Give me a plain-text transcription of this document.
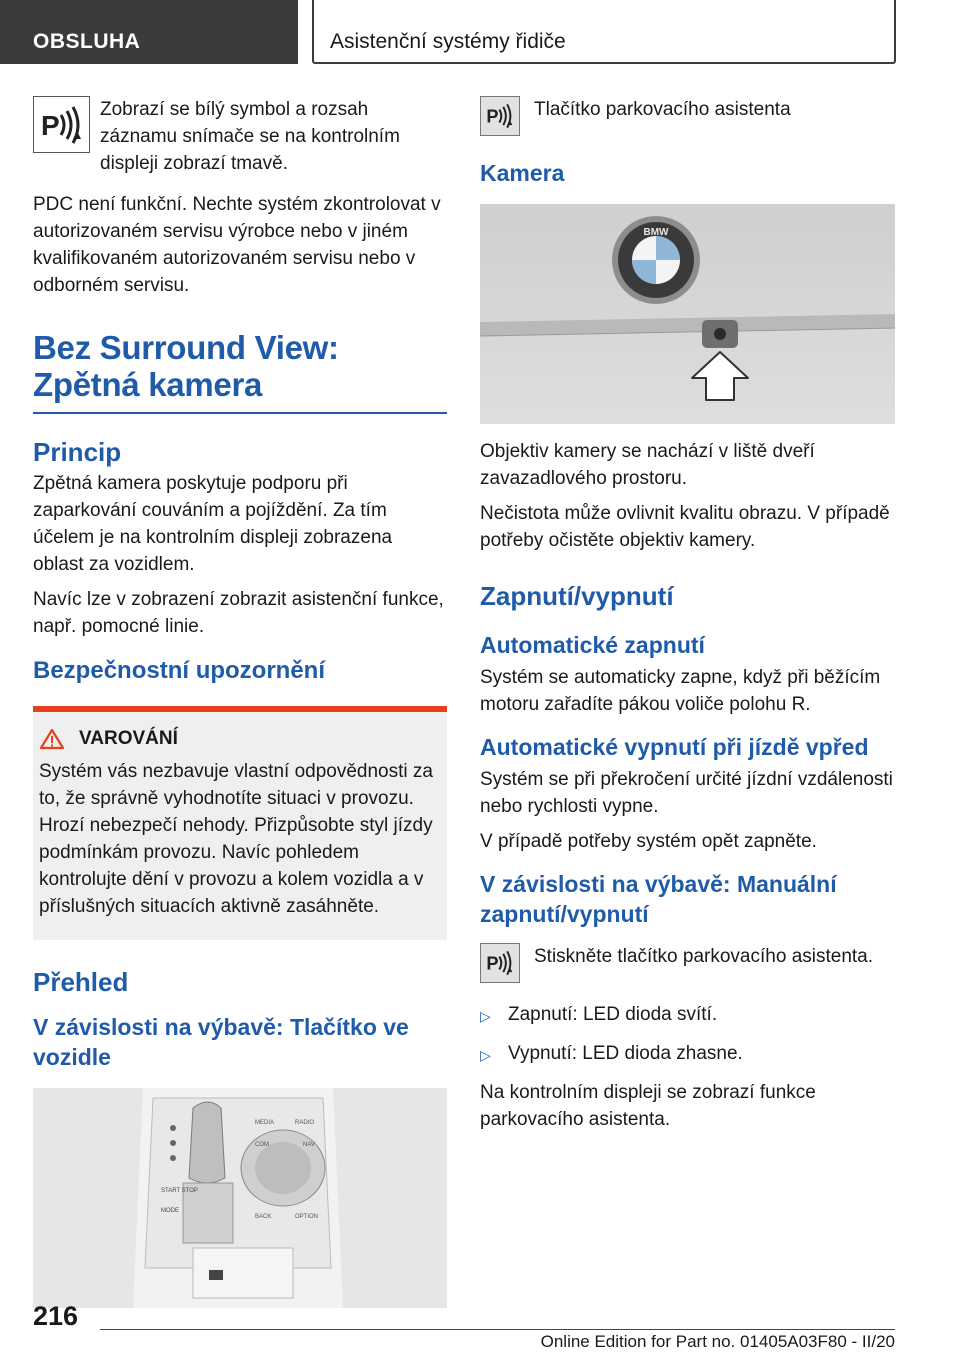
OBSLUHA	Asistenční systémy řidiče
P Zobrazí se bílý symbol a rozsah záznamu snímače se na kontrolním displeji zobrazí tmavě.

PDC není funkční. Nechte systém zkontrolovat v autorizovaném servisu výrobce nebo v jiném kvalifikovaném autorizovaném servisu nebo v odborném servisu.

Bez Surround View: Zpětná kamera
Princip

Zpětná kamera poskytuje podporu při zaparkování couváním a pojíždění. Za tím účelem je na kontrolním displeji zobrazena oblast za vozidlem.

Navíc lze v zobrazení zobrazit asistenční funkce, např. pomocné linie.

Bezpečnostní upozornění
VAROVÁNÍ

Systém vás nezbavuje vlastní odpovědnosti za to, že správně vyhodnotíte situaci v provozu. Hrozí nebezpečí nehody. Přizpůsobte styl jízdy podmínkám provozu. Navíc pohledem kontrolujte dění v provozu a kolem vozidla a v příslušných situacích aktivně zasáhněte.

Přehled
V závislosti na výbavě: Tlačítko ve vozidle
START STOP
MODE
MEDIA	RADIO
COM	NAV
BACK	OPTION
P Tlačítko parkovacího asistenta
Kamera
BMW

Objektiv kamery se nachází v liště dveří zavazadlového prostoru.

Nečistota může ovlivnit kvalitu obrazu. V případě potřeby očistěte objektiv kamery.

Zapnutí/vypnutí
Automatické zapnutí

Systém se automaticky zapne, když při běžícím motoru zařadíte pákou voliče polohu R.

Automatické vypnutí při jízdě vpřed

Systém se při překročení určité jízdní vzdálenosti nebo rychlosti vypne.

V případě potřeby systém opět zapněte.

V závislosti na výbavě: Manuální zapnutí/vypnutí
P Stiskněte tlačítko parkovacího asistenta.
▷ Zapnutí: LED dioda svítí.
▷ Vypnutí: LED dioda zhasne.

Na kontrolním displeji se zobrazí funkce parkovacího asistenta.

216
Online Edition for Part no. 01405A03F80 - II/20
